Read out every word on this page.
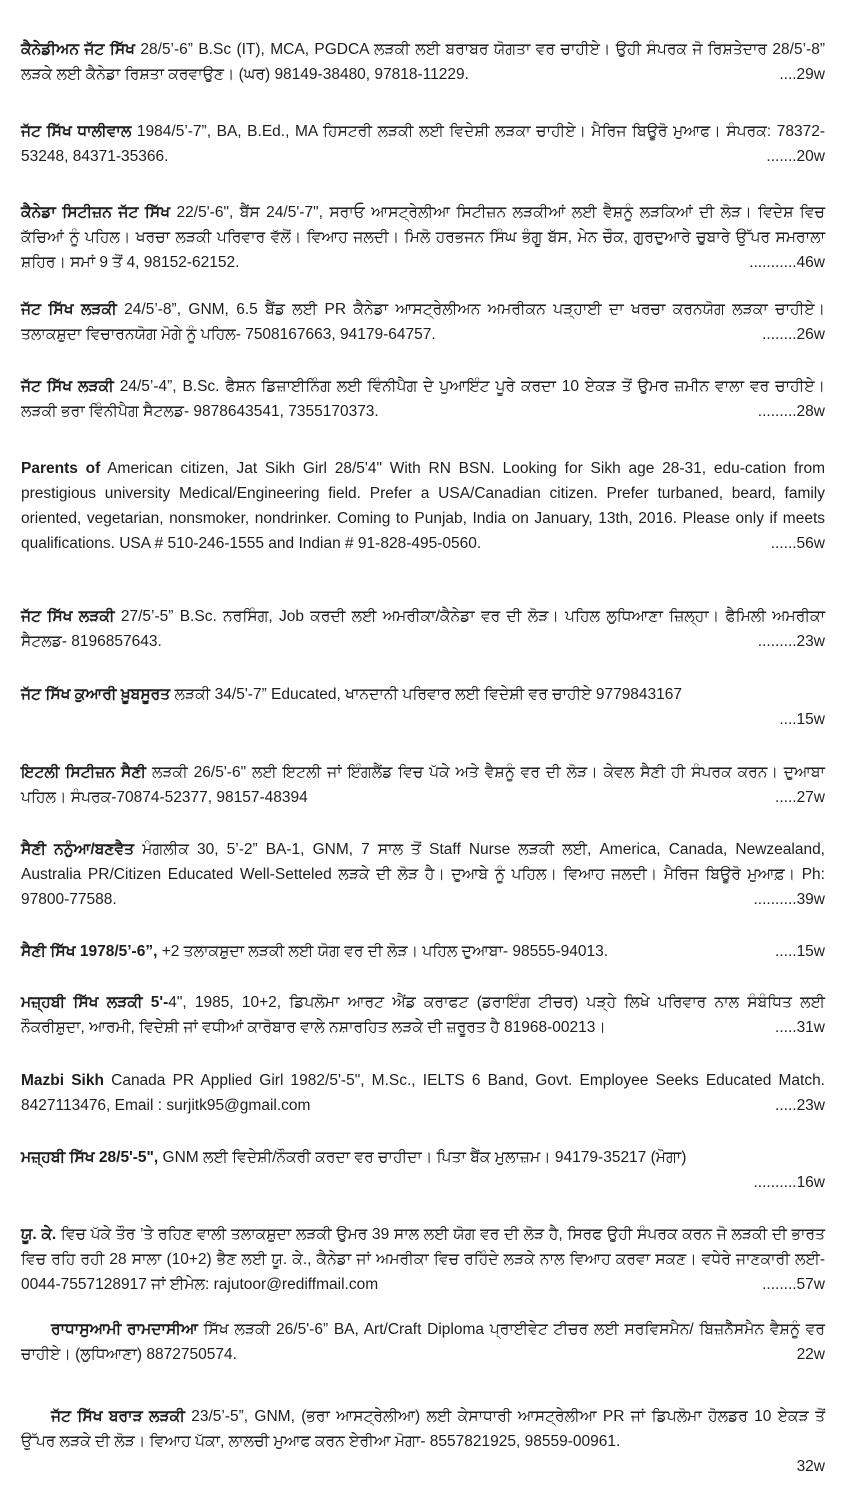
ਕੈਨੇਡੀਅਨ ਜੱਟ ਸਿੱਖ 28/5’-6” B.Sc (IT), MCA, PGDCA ਲੜਕੀ ਲਈ ਬਰਾਬਰ ਯੋਗਤਾ ਵਰ ਚਾਹੀਏ। ਉਹੀ ਸੰਪਰਕ ਜੋ ਰਿਸ਼ਤੇਦਾਰ 28/5’-8” ਲੜਕੇ ਲਈ ਕੈਨੇਡਾ ਰਿਸ਼ਤਾ ਕਰਵਾਉਣ। (ਘਰ) 98149-38480, 97818-11229.	....29w
ਜੱਟ ਸਿੱਖ ਧਾਲੀਵਾਲ 1984/5’-7”, BA, B.Ed., MA ਹਿਸਟਰੀ ਲੜਕੀ ਲਈ ਵਿਦੇਸ਼ੀ ਲੜਕਾ ਚਾਹੀਏ। ਮੈਰਿਜ ਬਿਊਰੋ ਮੁਆਫ। ਸੰਪਰਕ: 78372-53248, 84371-35366.	.......20w
ਕੈਨੇਡਾ ਸਿਟੀਜ਼ਨ ਜੱਟ ਸਿੱਖ 22/5'-6", ਬੈਂਸ 24/5'-7", ਸਰਾਓ ਆਸਟ੍ਰੇਲੀਆ ਸਿਟੀਜ਼ਨ ਲੜਕੀਆਂ ਲਈ ਵੈਸ਼ਨੂੰ ਲੜਕਿਆਂ ਦੀ ਲੋੜ। ਵਿਦੇਸ਼ ਵਿਚ ਕੱਚਿਆਂ ਨੂੰ ਪਹਿਲ। ਖਰਚਾ ਲੜਕੀ ਪਰਿਵਾਰ ਵੱਲੋਂ। ਵਿਆਹ ਜਲਦੀ। ਮਿਲੋ ਹਰਭਜਨ ਸਿੰਘ ਭੰਗੂ ਬੱਸ, ਮੇਨ ਚੌਕ, ਗੁਰਦੁਆਰੇ ਚੁਬਾਰੇ ਉੱਪਰ ਸਮਰਾਲਾ ਸ਼ਹਿਰ। ਸਮਾਂ 9 ਤੋਂ 4, 98152-62152.	...........46w
ਜੱਟ ਸਿੱਖ ਲੜਕੀ 24/5’-8”, GNM, 6.5 ਬੈਂਡ ਲਈ PR ਕੈਨੇਡਾ ਆਸਟ੍ਰੇਲੀਅਨ ਅਮਰੀਕਨ ਪੜ੍ਹਾਈ ਦਾ ਖਰਚਾ ਕਰਨਯੋਗ ਲੜਕਾ ਚਾਹੀਏ। ਤਲਾਕਸ਼ੁਦਾ ਵਿਚਾਰਨਯੋਗ ਮੋਗੇ ਨੂੰ ਪਹਿਲ- 7508167663, 94179-64757.	........26w
ਜੱਟ ਸਿੱਖ ਲੜਕੀ 24/5’-4”, B.Sc. ਫੈਸ਼ਨ ਡਿਜ਼ਾਈਨਿੰਗ ਲਈ ਵਿੰਨੀਪੈਗ ਦੇ ਪੁਆਇੰਟ ਪੂਰੇ ਕਰਦਾ 10 ਏਕੜ ਤੋਂ ਉਮਰ ਜ਼ਮੀਨ ਵਾਲਾ ਵਰ ਚਾਹੀਏ। ਲੜਕੀ ਭਰਾ ਵਿੰਨੀਪੈਗ ਸੈਟਲਡ- 9878643541, 7355170373.	.........28w
Parents of American citizen, Jat Sikh Girl 28/5'4" With RN BSN. Looking for Sikh age 28-31, edu-cation from prestigious university Medical/Engineering field. Prefer a USA/Canadian citizen. Prefer turbaned, beard, family oriented, vegetarian, nonsmoker, nondrinker. Coming to Punjab, India on January, 13th, 2016. Please only if meets qualifications. USA # 510-246-1555 and Indian # 91-828-495-0560.	......56w
ਜੱਟ ਸਿੱਖ ਲੜਕੀ 27/5’-5” B.Sc. ਨਰਸਿੰਗ, Job ਕਰਦੀ ਲਈ ਅਮਰੀਕਾ/ਕੈਨੇਡਾ ਵਰ ਦੀ ਲੋੜ। ਪਹਿਲ ਲੁਧਿਆਣਾ ਜ਼ਿਲ੍ਹਾ। ਫੈਮਿਲੀ ਅਮਰੀਕਾ ਸੈਟਲਡ- 8196857643.	.........23w
ਜੱਟ ਸਿੱਖ ਕੁਆਰੀ ਖ਼ੂਬਸੂਰਤ ਲੜਕੀ 34/5'-7” Educated, ਖਾਨਦਾਨੀ ਪਰਿਵਾਰ ਲਈ ਵਿਦੇਸ਼ੀ ਵਰ ਚਾਹੀਏ 9779843167

....15w

ਇਟਲੀ ਸਿਟੀਜ਼ਨ ਸੈਣੀ ਲੜਕੀ 26/5'-6" ਲਈ ਇਟਲੀ ਜਾਂ ਇੰਗਲੈਂਡ ਵਿਚ ਪੱਕੇ ਅਤੇ ਵੈਸ਼ਨੂੰ ਵਰ ਦੀ ਲੋੜ। ਕੇਵਲ ਸੈਣੀ ਹੀ ਸੰਪਰਕ ਕਰਨ। ਦੁਆਬਾ ਪਹਿਲ। ਸੰਪਰਕ-70874-52377, 98157-48394	.....27w
ਸੈਣੀ ਨਨੁੰਆ/ਬਣਵੈਤ ਮੰਗਲੀਕ 30, 5’-2” BA-1, GNM, 7 ਸਾਲ ਤੋਂ Staff Nurse ਲੜਕੀ ਲਈ, America, Canada, Newzealand, Australia PR/Citizen Educated Well-Setteled ਲੜਕੇ ਦੀ ਲੋੜ ਹੈ। ਦੁਆਬੇ ਨੂੰ ਪਹਿਲ। ਵਿਆਹ ਜਲਦੀ। ਮੈਰਿਜ ਬਿਊਰੋ ਮੁਆਫ਼। Ph: 97800-77588.	..........39w
ਸੈਣੀ ਸਿੱਖ 1978/5’-6”, +2 ਤਲਾਕਸ਼ੁਦਾ ਲੜਕੀ ਲਈ ਯੋਗ ਵਰ ਦੀ ਲੋੜ। ਪਹਿਲ ਦੁਆਬਾ- 98555-94013.	.....15w
ਮਜ਼੍ਹਬੀ ਸਿੱਖ ਲੜਕੀ 5'-4", 1985, 10+2, ਡਿਪਲੋਮਾ ਆਰਟ ਐਂਡ ਕਰਾਫਟ (ਡਰਾਇੰਗ ਟੀਚਰ) ਪੜ੍ਹੇ ਲਿਖੇ ਪਰਿਵਾਰ ਨਾਲ ਸੰਬੰਧਿਤ ਲਈ ਨੌਕਰੀਸ਼ੁਦਾ, ਆਰਮੀ, ਵਿਦੇਸ਼ੀ ਜਾਂ ਵਧੀਆਂ ਕਾਰੋਬਾਰ ਵਾਲੇ ਨਸ਼ਾਰਹਿਤ ਲੜਕੇ ਦੀ ਜ਼ਰੂਰਤ ਹੈ 81968-00213।	.....31w
Mazbi Sikh Canada PR Applied Girl 1982/5'-5", M.Sc., IELTS 6 Band, Govt. Employee Seeks Educated Match. 8427113476, Email : surjitk95@gmail.com	.....23w
ਮਜ਼੍ਹਬੀ ਸਿੱਖ 28/5'-5", GNM ਲਈ ਵਿਦੇਸ਼ੀ/ਨੌਕਰੀ ਕਰਦਾ ਵਰ ਚਾਹੀਦਾ। ਪਿਤਾ ਬੈਂਕ ਮੁਲਾਜ਼ਮ। 94179-35217 (ਮੋਗਾ)

..........16w

ਯੂ. ਕੇ. ਵਿਚ ਪੱਕੇ ਤੌਰ ’ਤੇ ਰਹਿਣ ਵਾਲੀ ਤਲਾਕਸ਼ੁਦਾ ਲੜਕੀ ਉਮਰ 39 ਸਾਲ ਲਈ ਯੋਗ ਵਰ ਦੀ ਲੋੜ ਹੈ, ਸਿਰਫ ਉਹੀ ਸੰਪਰਕ ਕਰਨ ਜੋ ਲੜਕੀ ਦੀ ਭਾਰਤ ਵਿਚ ਰਹਿ ਰਹੀ 28 ਸਾਲਾ (10+2) ਭੈਣ ਲਈ ਯੂ. ਕੇ., ਕੈਨੇਡਾ ਜਾਂ ਅਮਰੀਕਾ ਵਿਚ ਰਹਿੰਦੇ ਲੜਕੇ ਨਾਲ ਵਿਆਹ ਕਰਵਾ ਸਕਣ। ਵਧੇਰੇ ਜਾਣਕਾਰੀ ਲਈ- 0044-7557128917 ਜਾਂ ਈਮੇਲ: rajutoor@rediffmail.com	........57w
ਰਾਧਾਸੁਆਮੀ ਰਾਮਦਾਸੀਆ ਸਿੱਖ ਲੜਕੀ 26/5'-6” BA, Art/Craft Diploma ਪ੍ਰਾਈਵੇਟ ਟੀਚਰ ਲਈ ਸਰਵਿਸਮੈਨ/ ਬਿਜ਼ਨੈੱਸਮੈਨ ਵੈਸ਼ਨੂੰ ਵਰ ਚਾਹੀਏ। (ਲੁਧਿਆਣਾ) 8872750574.	22w
ਜੱਟ ਸਿੱਖ ਬਰਾੜ ਲੜਕੀ 23/5’-5”, GNM, (ਭਰਾ ਆਸਟ੍ਰੇਲੀਆ) ਲਈ ਕੇਸਾਧਾਰੀ ਆਸਟ੍ਰੇਲੀਆ PR ਜਾਂ ਡਿਪਲੋਮਾ ਹੋਲਡਰ 10 ਏਕੜ ਤੋਂ ਉੱਪਰ ਲੜਕੇ ਦੀ ਲੋੜ। ਵਿਆਹ ਪੱਕਾ, ਲਾਲਚੀ ਮੁਆਫ ਕਰਨ ਏਰੀਆ ਮੋਗਾ- 8557821925, 98559-00961.

32w
